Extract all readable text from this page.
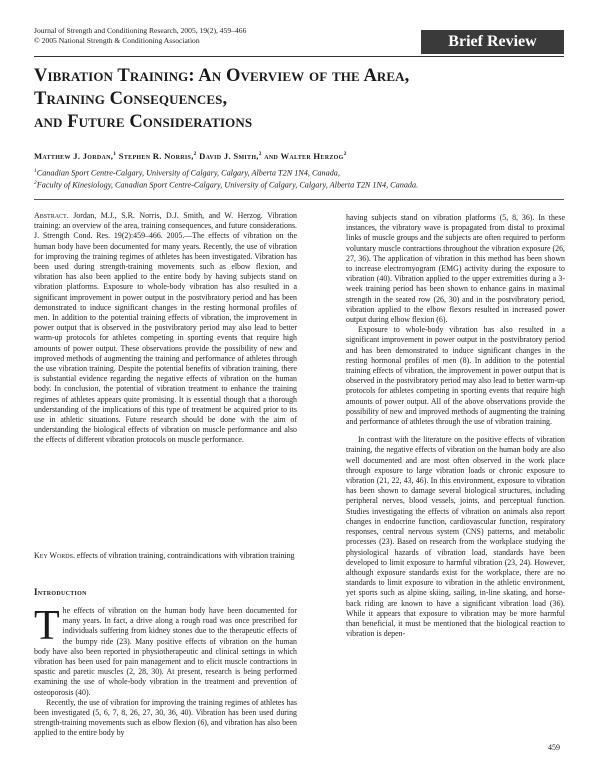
Journal of Strength and Conditioning Research, 2005, 19(2), 459–466
© 2005 National Strength & Conditioning Association	Brief Review
Vibration Training: An Overview of the Area,
Training Consequences,
and Future Considerations
Matthew J. Jordan,$^1$ Stephen R. Norris,$^2$ David J. Smith,$^2$ and Walter Herzog$^2$
$^1$Canadian Sport Centre-Calgary, University of Calgary, Calgary, Alberta T2N 1N4, Canada,
$^2$Faculty of Kinesiology, Canadian Sport Centre-Calgary, University of Calgary, Calgary, Alberta T2N 1N4, Canada.

Abstract. Jordan, M.J., S.R. Norris, D.J. Smith, and W. Herzog. Vibration training: an overview of the area, training consequences, and future considerations. J. Strength Cond. Res. 19(2):459–466. 2005.—The effects of vibration on the human body have been documented for many years. Recently, the use of vibration for improving the training regimes of athletes has been investigated. Vibration has been used during strength-training movements such as elbow flexion, and vibration has also been applied to the entire body by having subjects stand on vibration platforms. Exposure to whole-body vibration has also resulted in a significant improvement in power output in the postvibratory period and has been demonstrated to induce significant changes in the resting hormonal profiles of men. In addition to the potential training effects of vibration, the improvement in power output that is observed in the postvibratory period may also lead to better warm-up protocols for athletes competing in sporting events that require high amounts of power output. These observations provide the possibility of new and improved methods of augmenting the training and performance of athletes through the use vibration training. Despite the potential benefits of vibration training, there is substantial evidence regarding the negative effects of vibration on the human body. In conclusion, the potential of vibration treatment to enhance the training regimes of athletes appears quite promising. It is essential though that a thorough understanding of the implications of this type of treatment be acquired prior to its use in athletic situations. Future research should be done with the aim of understanding the biological effects of vibration on muscle performance and also the effects of different vibration protocols on muscle performance.

Key Words. effects of vibration training, contraindications with vibration training

Introduction

The effects of vibration on the human body have been documented for many years. In fact, a drive along a rough road was once prescribed for individuals suffering from kidney stones due to the therapeutic effects of the bumpy ride (23). Many positive effects of vibration on the human body have also been reported in physiotherapeutic and clinical settings in which vibration has been used for pain management and to elicit muscle contractions in spastic and paretic muscles (2, 28, 30). At present, research is being performed examining the use of whole-body vibration in the treatment and prevention of osteoporosis (40).

Recently, the use of vibration for improving the training regimes of athletes has been investigated (5, 6, 7, 8, 26, 27, 30, 36, 40). Vibration has been used during strength-training movements such as elbow flexion (6), and vibration has also been applied to the entire body by

having subjects stand on vibration platforms (5, 8, 36). In these instances, the vibratory wave is propagated from distal to proximal links of muscle groups and the subjects are often required to perform voluntary muscle contractions throughout the vibration exposure (26, 27, 36). The application of vibration in this method has been shown to increase electromyogram (EMG) activity during the exposure to vibration (40). Vibration applied to the upper extremities during a 3-week training period has been shown to enhance gains in maximal strength in the seated row (26, 30) and in the postvibratory period, vibration applied to the elbow flexors resulted in increased power output during elbow flexion (6).

Exposure to whole-body vibration has also resulted in a significant improvement in power output in the postvibratory period and has been demonstrated to induce significant changes in the resting hormonal profiles of men (8). In addition to the potential training effects of vibration, the improvement in power output that is observed in the postvibratory period may also lead to better warm-up protocols for athletes competing in sporting events that require high amounts of power output. All of the above observations provide the possibility of new and improved methods of augmenting the training and performance of athletes through the use of vibration training.

In contrast with the literature on the positive effects of vibration training, the negative effects of vibration on the human body are also well documented and are most often observed in the work place through exposure to large vibration loads or chronic exposure to vibration (21, 22, 43, 46). In this environment, exposure to vibration has been shown to damage several biological structures, including peripheral nerves, blood vessels, joints, and perceptual function. Studies investigating the effects of vibration on animals also report changes in endocrine function, cardiovascular function, respiratory responses, central nervous system (CNS) patterns, and metabolic processes (23). Based on research from the workplace studying the physiological hazards of vibration load, standards have been developed to limit exposure to harmful vibration (23, 24). However, although exposure standards exist for the workplace, there are no standards to limit exposure to vibration in the athletic environment, yet sports such as alpine skiing, sailing, in-line skating, and horse-back riding are known to have a significant vibration load (36). While it appears that exposure to vibration may be more harmful than beneficial, it must be mentioned that the biological reaction to vibration is depen-

459
